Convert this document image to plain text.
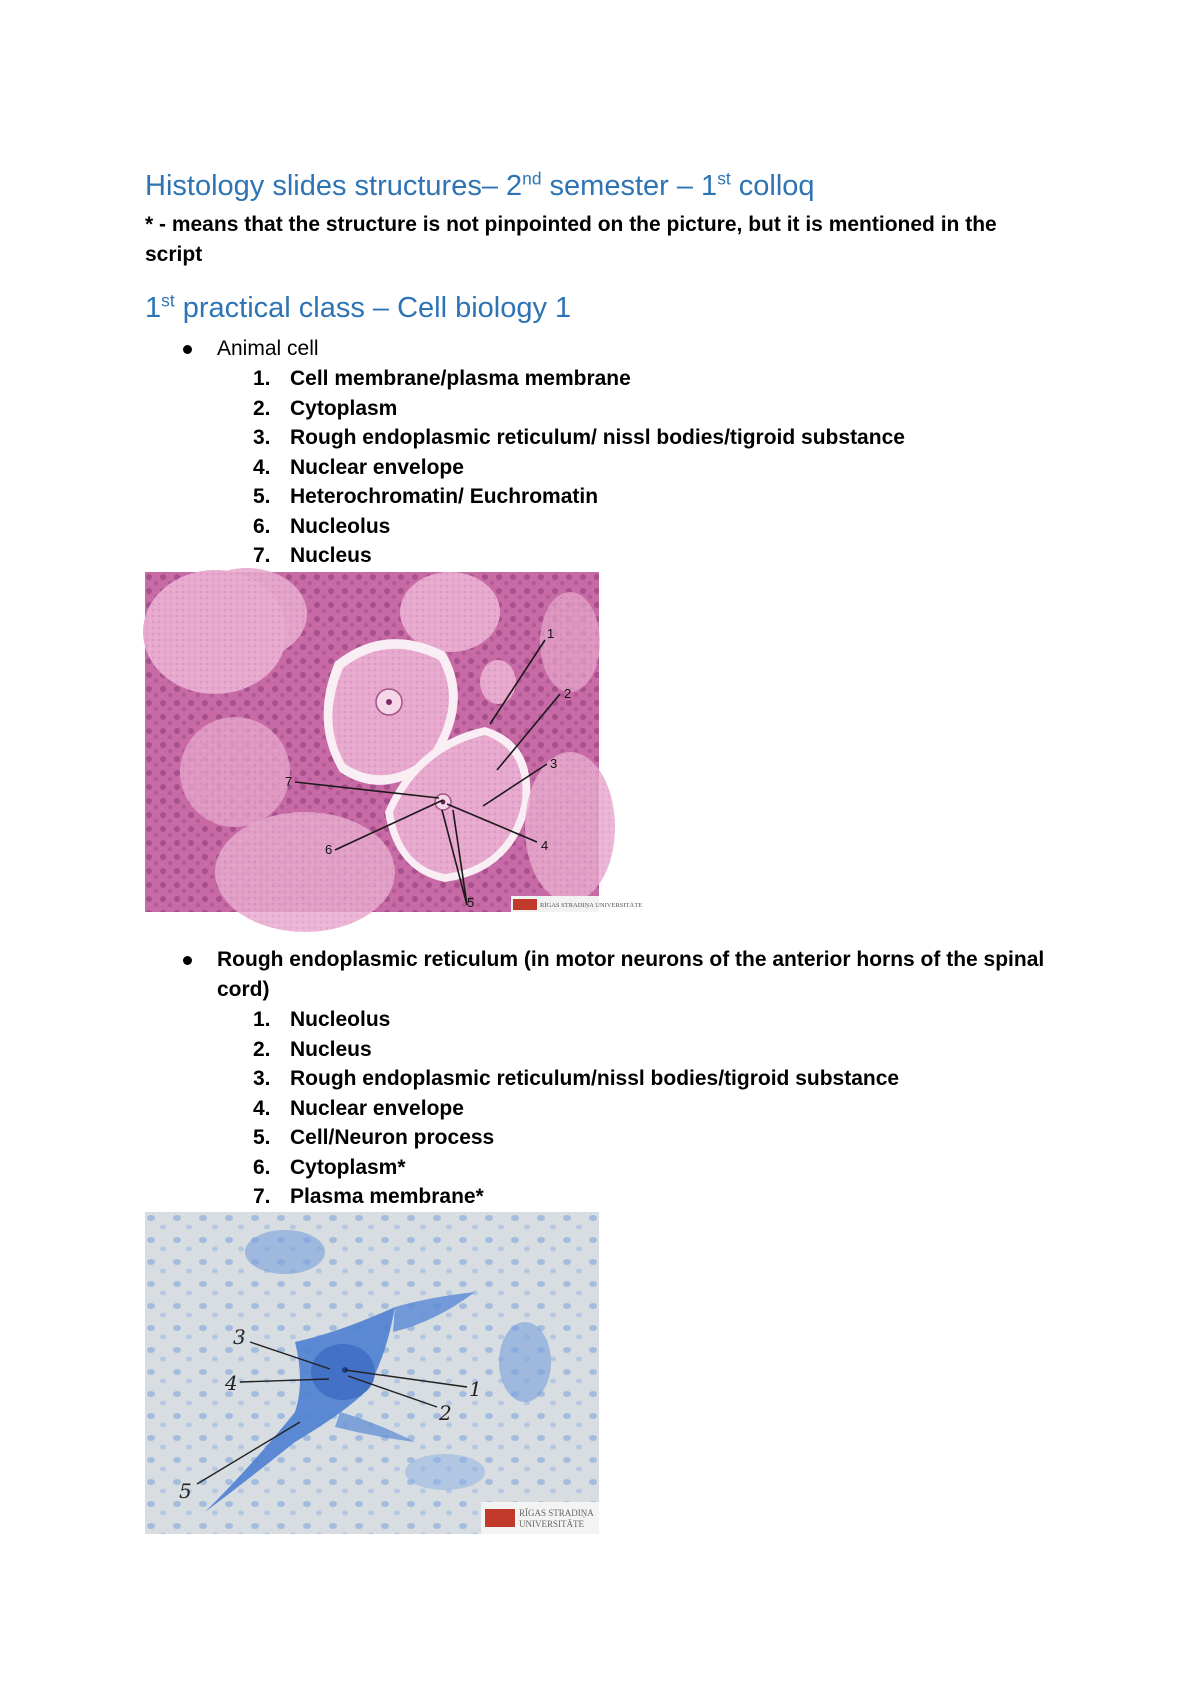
Histology slides structures– 2nd semester – 1st colloq
* - means that the structure is not pinpointed on the picture, but it is mentioned in the script
1st practical class – Cell biology 1
Animal cell
1. Cell membrane/plasma membrane
2. Cytoplasm
3. Rough endoplasmic reticulum/ nissl bodies/tigroid substance
4. Nuclear envelope
5. Heterochromatin/ Euchromatin
6. Nucleolus
7. Nucleus
1
2
3
4
5
6
7
RĪGAS STRADIŅA UNIVERSITĀTE
Rough endoplasmic reticulum (in motor neurons of the anterior horns of the spinal cord)
1. Nucleolus
2. Nucleus
3. Rough endoplasmic reticulum/nissl bodies/tigroid substance
4. Nuclear envelope
5. Cell/Neuron process
6. Cytoplasm*
7. Plasma membrane*
3
4	1
2
5
RĪGAS STRADIŅA
UNIVERSITĀTE
